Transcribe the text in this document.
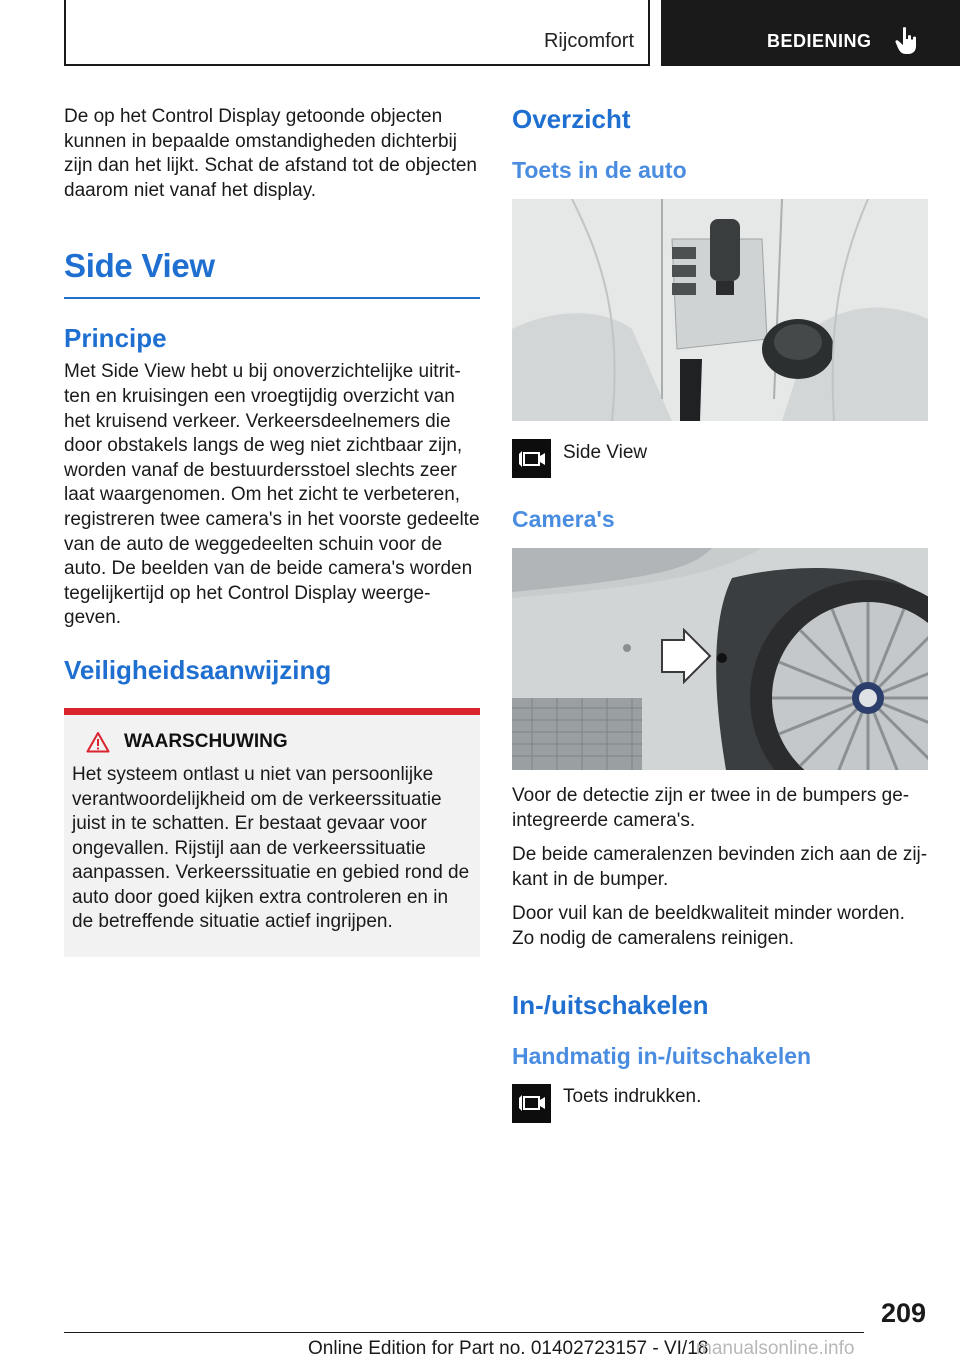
Rijcomfort	BEDIENING

De op het Control Display getoonde objecten kunnen in bepaalde omstandigheden dichterbij zijn dan het lijkt. Schat de afstand tot de objecten daarom niet vanaf het display.

Side View
Principe

Met Side View hebt u bij onoverzichtelijke uitritten en kruisingen een vroegtijdig overzicht van het kruisend verkeer. Verkeersdeelnemers die door obstakels langs de weg niet zichtbaar zijn, worden vanaf de bestuurdersstoel slechts zeer laat waargenomen. Om het zicht te verbeteren, registreren twee camera's in het voorste gedeelte van de auto de weggedeelten schuin voor de auto. De beelden van de beide camera's worden tegelijkertijd op het Control Display weergegeven.

Veiligheidsaanwijzing
WAARSCHUWING

Het systeem ontlast u niet van persoonlijke verantwoordelijkheid om de verkeerssituatie juist in te schatten. Er bestaat gevaar voor ongevallen. Rijstijl aan de verkeerssituatie aanpassen. Verkeerssituatie en gebied rond de auto door goed kijken extra controleren en in de betreffende situatie actief ingrijpen.

Overzicht
Toets in de auto
Side View
Camera's

Voor de detectie zijn er twee in de bumpers geintegreerde camera's.

De beide cameralenzen bevinden zich aan de zijkant in de bumper.

Door vuil kan de beeldkwaliteit minder worden. Zo nodig de cameralens reinigen.

In-/uitschakelen
Handmatig in-/uitschakelen
Toets indrukken.
209
Online Edition for Part no. 01402723157 - VI/18
manualsonline.info
